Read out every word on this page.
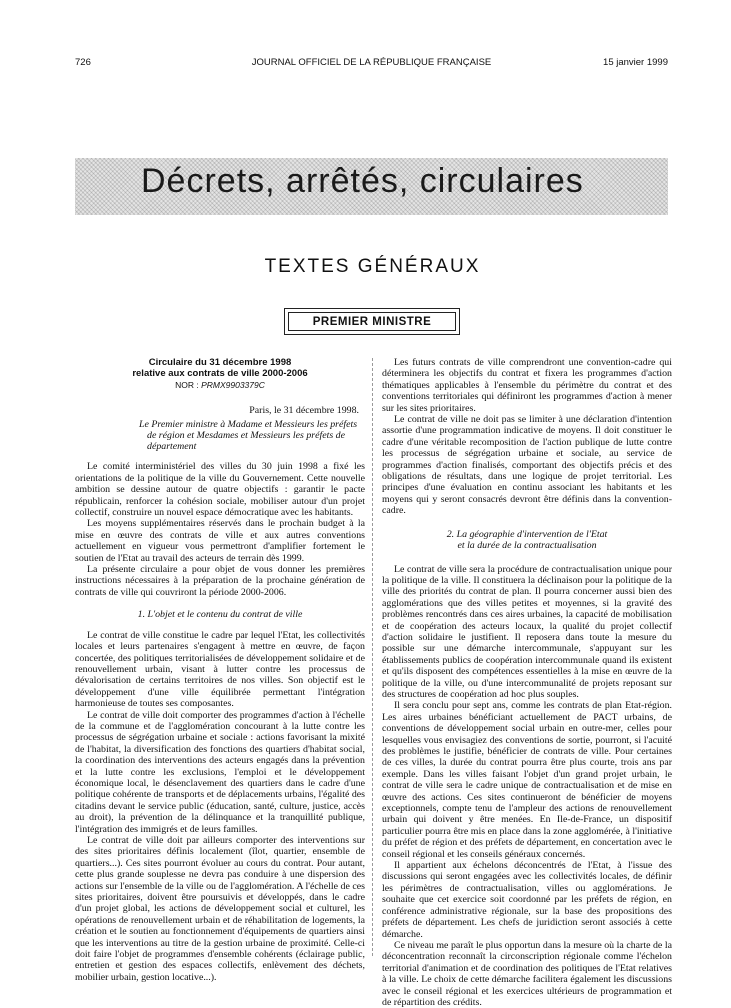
726	JOURNAL OFFICIEL DE LA RÉPUBLIQUE FRANÇAISE	15 janvier 1999
Décrets, arrêtés, circulaires
TEXTES GÉNÉRAUX
PREMIER MINISTRE
Circulaire du 31 décembre 1998
relative aux contrats de ville 2000-2006
NOR : PRMX9903379C
Paris, le 31 décembre 1998.
Le Premier ministre à Madame et Messieurs les préfets de région et Mesdames et Messieurs les préfets de département

Le comité interministériel des villes du 30 juin 1998 a fixé les orientations de la politique de la ville du Gouvernement. Cette nouvelle ambition se dessine autour de quatre objectifs : garantir le pacte républicain, renforcer la cohésion sociale, mobiliser autour d'un projet collectif, construire un nouvel espace démocratique avec les habitants.

Les moyens supplémentaires réservés dans le prochain budget à la mise en œuvre des contrats de ville et aux autres conventions actuellement en vigueur vous permettront d'amplifier fortement le soutien de l'Etat au travail des acteurs de terrain dès 1999.

La présente circulaire a pour objet de vous donner les premières instructions nécessaires à la préparation de la prochaine génération de contrats de ville qui couvriront la période 2000-2006.

1. L'objet et le contenu du contrat de ville

Le contrat de ville constitue le cadre par lequel l'Etat, les collectivités locales et leurs partenaires s'engagent à mettre en œuvre, de façon concertée, des politiques territorialisées de développement solidaire et de renouvellement urbain, visant à lutter contre les processus de dévalorisation de certains territoires de nos villes. Son objectif est le développement d'une ville équilibrée permettant l'intégration harmonieuse de toutes ses composantes.

Le contrat de ville doit comporter des programmes d'action à l'échelle de la commune et de l'agglomération concourant à la lutte contre les processus de ségrégation urbaine et sociale : actions favorisant la mixité de l'habitat, la diversification des fonctions des quartiers d'habitat social, la coordination des interventions des acteurs engagés dans la prévention et la lutte contre les exclusions, l'emploi et le développement économique local, le désenclavement des quartiers dans le cadre d'une politique cohérente de transports et de déplacements urbains, l'égalité des citadins devant le service public (éducation, santé, culture, justice, accès au droit), la prévention de la délinquance et la tranquillité publique, l'intégration des immigrés et de leurs familles.

Le contrat de ville doit par ailleurs comporter des interventions sur des sites prioritaires définis localement (îlot, quartier, ensemble de quartiers...). Ces sites pourront évoluer au cours du contrat. Pour autant, cette plus grande souplesse ne devra pas conduire à une dispersion des actions sur l'ensemble de la ville ou de l'agglomération. A l'échelle de ces sites prioritaires, doivent être poursuivis et développés, dans le cadre d'un projet global, les actions de développement social et culturel, les opérations de renouvellement urbain et de réhabilitation de logements, la création et le soutien au fonctionnement d'équipements de quartiers ainsi que les interventions au titre de la gestion urbaine de proximité. Celle-ci doit faire l'objet de programmes d'ensemble cohérents (éclairage public, entretien et gestion des espaces collectifs, enlèvement des déchets, mobilier urbain, gestion locative...).

Les futurs contrats de ville comprendront une convention-cadre qui déterminera les objectifs du contrat et fixera les programmes d'action thématiques applicables à l'ensemble du périmètre du contrat et des conventions territoriales qui définiront les programmes d'action à mener sur les sites prioritaires.

Le contrat de ville ne doit pas se limiter à une déclaration d'intention assortie d'une programmation indicative de moyens. Il doit constituer le cadre d'une véritable recomposition de l'action publique de lutte contre les processus de ségrégation urbaine et sociale, au service de programmes d'action finalisés, comportant des objectifs précis et des obligations de résultats, dans une logique de projet territorial. Les principes d'une évaluation en continu associant les habitants et les moyens qui y seront consacrés devront être définis dans la convention-cadre.

2. La géographie d'intervention de l'Etat
et la durée de la contractualisation

Le contrat de ville sera la procédure de contractualisation unique pour la politique de la ville. Il constituera la déclinaison pour la politique de la ville des priorités du contrat de plan. Il pourra concerner aussi bien des agglomérations que des villes petites et moyennes, si la gravité des problèmes rencontrés dans ces aires urbaines, la capacité de mobilisation et de coopération des acteurs locaux, la qualité du projet collectif d'action solidaire le justifient. Il reposera dans toute la mesure du possible sur une démarche intercommunale, s'appuyant sur les établissements publics de coopération intercommunale quand ils existent et qu'ils disposent des compétences essentielles à la mise en œuvre de la politique de la ville, ou d'une intercommunalité de projets reposant sur des structures de coopération ad hoc plus souples.

Il sera conclu pour sept ans, comme les contrats de plan Etat-région. Les aires urbaines bénéficiant actuellement de PACT urbains, de conventions de développement social urbain en outre-mer, celles pour lesquelles vous envisagiez des conventions de sortie, pourront, si l'acuité des problèmes le justifie, bénéficier de contrats de ville. Pour certaines de ces villes, la durée du contrat pourra être plus courte, trois ans par exemple. Dans les villes faisant l'objet d'un grand projet urbain, le contrat de ville sera le cadre unique de contractualisation et de mise en œuvre des actions. Ces sites continueront de bénéficier de moyens exceptionnels, compte tenu de l'ampleur des actions de renouvellement urbain qui doivent y être menées. En Ile-de-France, un dispositif particulier pourra être mis en place dans la zone agglomérée, à l'initiative du préfet de région et des préfets de département, en concertation avec le conseil régional et les conseils généraux concernés.

Il appartient aux échelons déconcentrés de l'Etat, à l'issue des discussions qui seront engagées avec les collectivités locales, de définir les périmètres de contractualisation, villes ou agglomérations. Je souhaite que cet exercice soit coordonné par les préfets de région, en conférence administrative régionale, sur la base des propositions des préfets de département. Les chefs de juridiction seront associés à cette démarche.

Ce niveau me paraît le plus opportun dans la mesure où la charte de la déconcentration reconnaît la circonscription régionale comme l'échelon territorial d'animation et de coordination des politiques de l'Etat relatives à la ville. Le choix de cette démarche facilitera également les discussions avec le conseil régional et les exercices ultérieurs de programmation et de répartition des crédits.
